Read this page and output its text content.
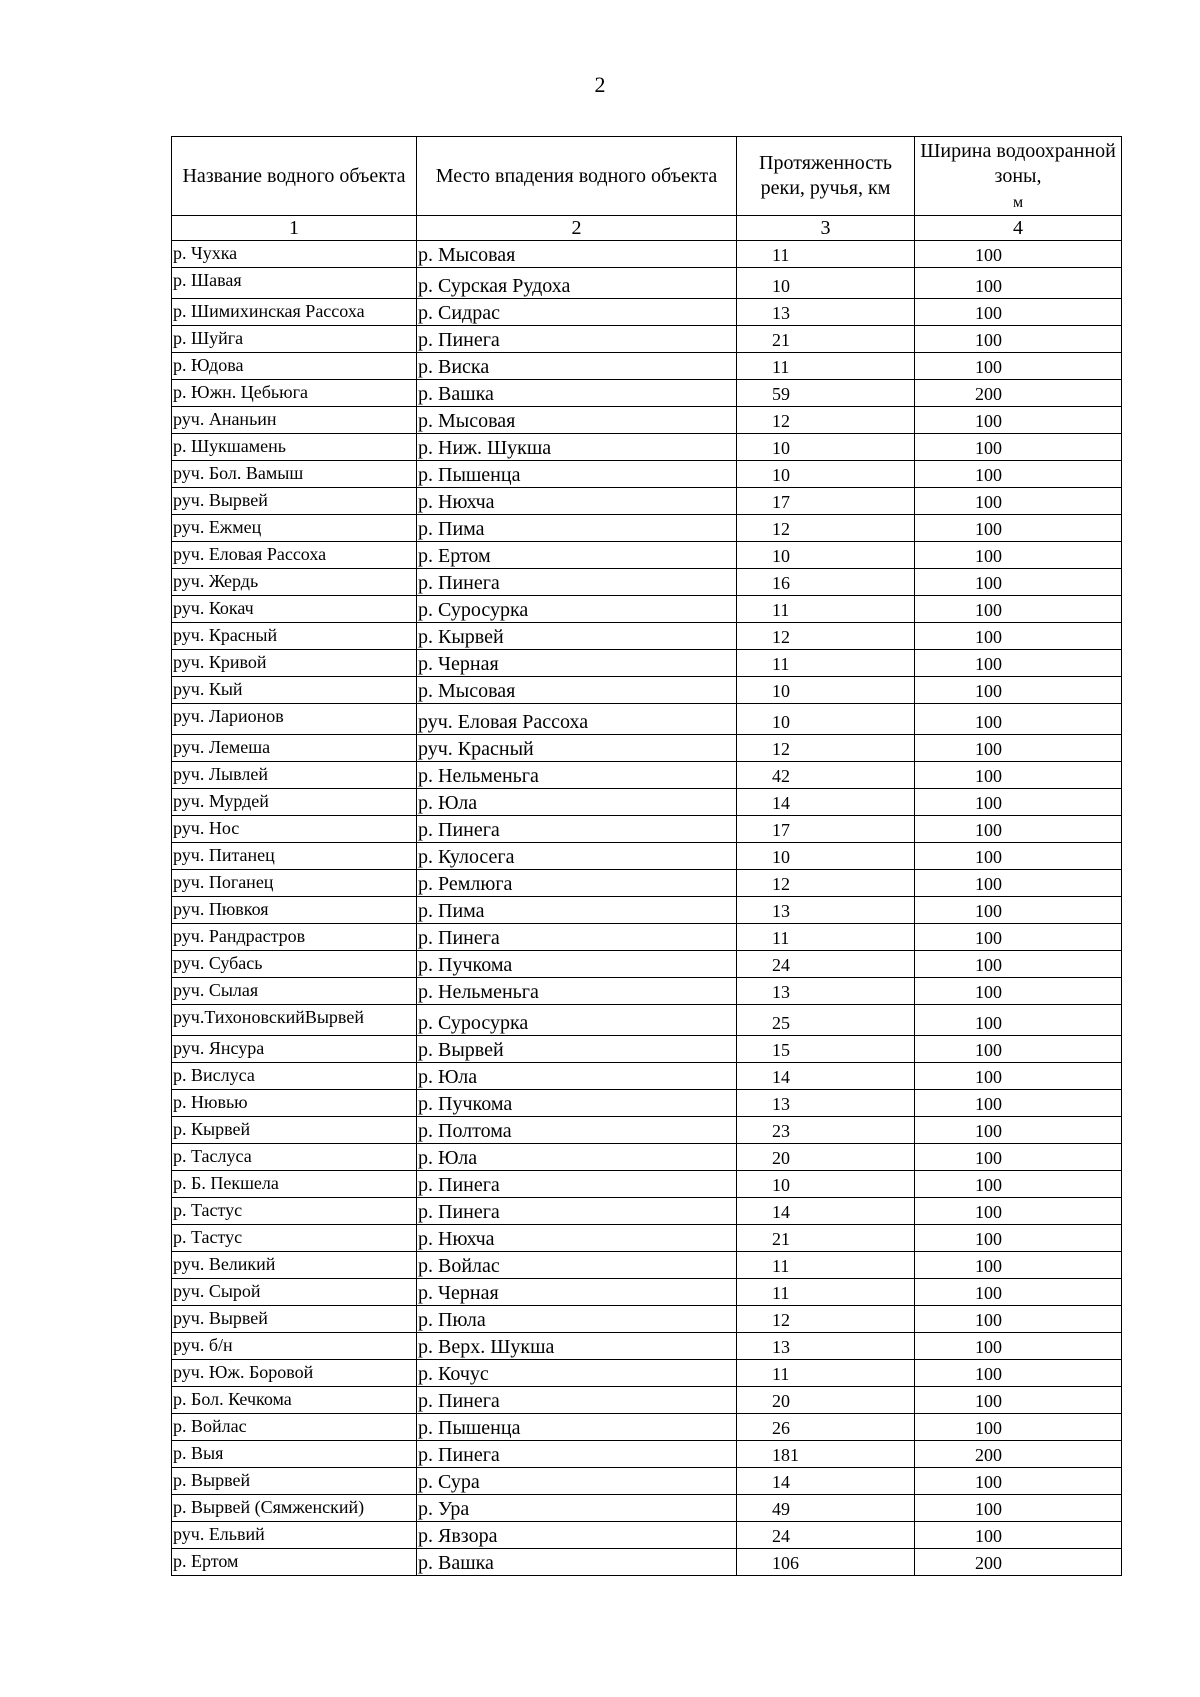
2
Название водного объекта	Место впадения водного объекта	Протяженность реки, ручья, км	Ширина водоохранной зоны,
м
1	2	3	4
р. Чухка	р. Мысовая	11	100
р. Шавая	р. Сурская Рудоха	10	100
р. Шимихинская Рассоха	р. Сидрас	13	100
р. Шуйга	р. Пинега	21	100
р. Юдова	р. Виска	11	100
р. Южн. Цебьюга	р. Вашка	59	200
руч. Ананьин	р. Мысовая	12	100
р. Шукшамень	р. Ниж. Шукша	10	100
руч. Бол. Вамыш	р. Пышенца	10	100
руч. Вырвей	р. Нюхча	17	100
руч. Ежмец	р. Пима	12	100
руч. Еловая Рассоха	р. Ертом	10	100
руч. Жердь	р. Пинега	16	100
руч. Кокач	р. Суросурка	11	100
руч. Красный	р. Кырвей	12	100
руч. Кривой	р. Черная	11	100
руч. Кый	р. Мысовая	10	100
руч. Ларионов	руч. Еловая Рассоха	10	100
руч. Лемеша	руч. Красный	12	100
руч. Лывлей	р. Нельменьга	42	100
руч. Мурдей	р. Юла	14	100
руч. Нос	р. Пинега	17	100
руч. Питанец	р. Кулосега	10	100
руч. Поганец	р. Ремлюга	12	100
руч. Пювкоя	р. Пима	13	100
руч. Рандрастров	р. Пинега	11	100
руч. Субась	р. Пучкома	24	100
руч. Сылая	р. Нельменьга	13	100
руч.ТихоновскийВырвей	р. Суросурка	25	100
руч. Янсура	р. Вырвей	15	100
р. Вислуса	р. Юла	14	100
р. Нювью	р. Пучкома	13	100
р. Кырвей	р. Полтома	23	100
р. Таслуса	р. Юла	20	100
р. Б. Пекшела	р. Пинега	10	100
р. Тастус	р. Пинега	14	100
р. Тастус	р. Нюхча	21	100
руч. Великий	р. Войлас	11	100
руч. Сырой	р. Черная	11	100
руч. Вырвей	р. Пюла	12	100
руч. б/н	р. Верх. Шукша	13	100
руч. Юж. Боровой	р. Кочус	11	100
р. Бол. Кечкома	р. Пинега	20	100
р. Войлас	р. Пышенца	26	100
р. Выя	р. Пинега	181	200
р. Вырвей	р. Сура	14	100
р. Вырвей (Сямженский)	р. Ура	49	100
руч. Ельвий	р. Явзора	24	100
р. Ертом	р. Вашка	106	200
